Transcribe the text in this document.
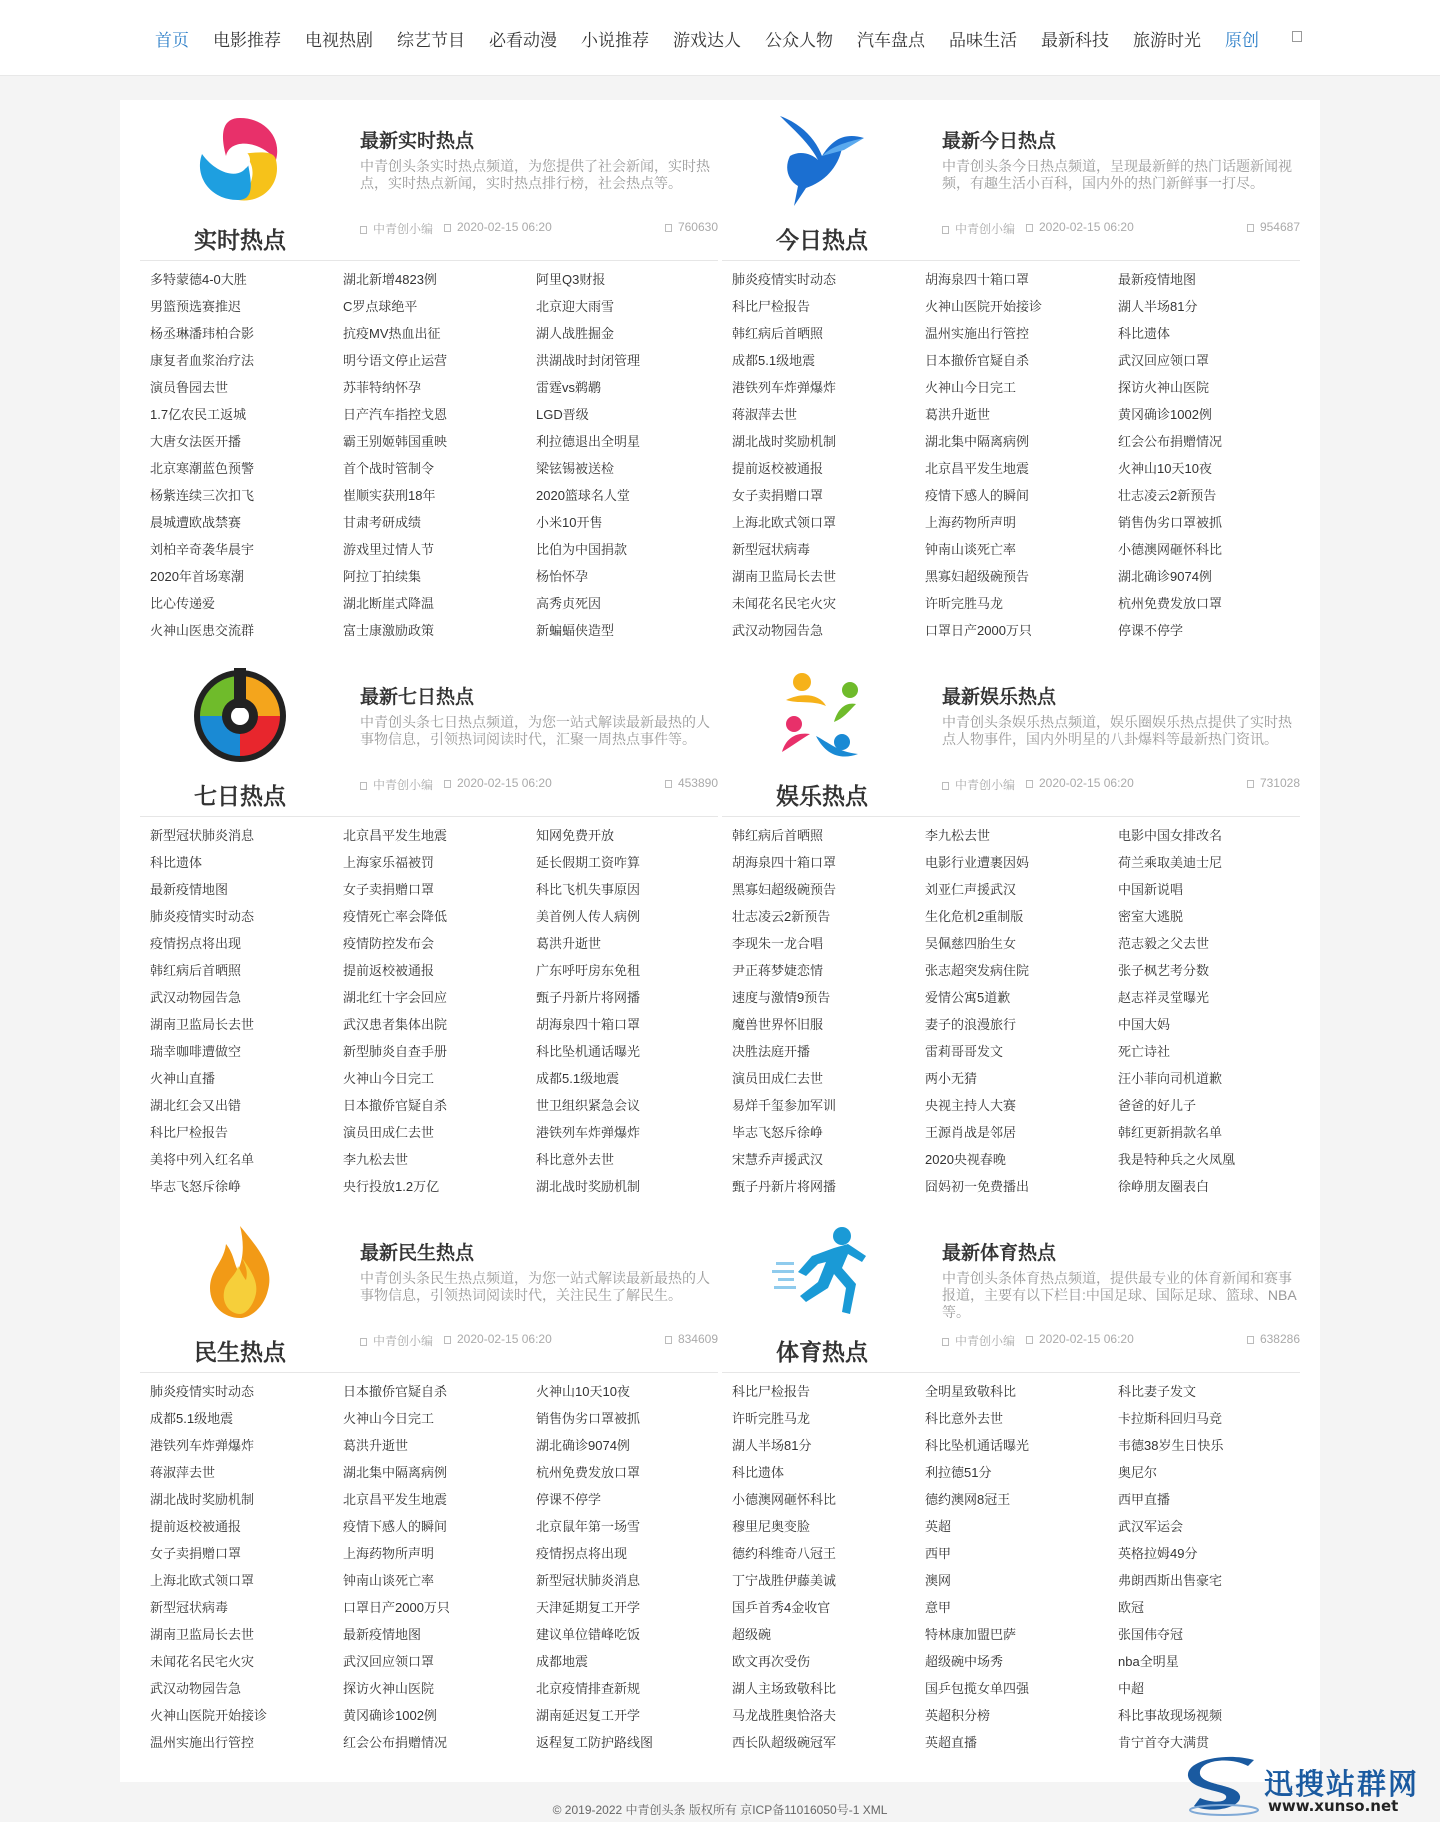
首页 电影推荐 电视热剧 综艺节目 必看动漫 小说推荐 游戏达人 公众人物 汽车盘点 品味生活 最新科技 旅游时光 原创
实时热点
最新实时热点
中青创头条实时热点频道，为您提供了社会新闻，实时热点，实时热点新闻，实时热点排行榜，社会热点等。
中青创小编	2020-02-15 06:20	760630
多特蒙德4-0大胜	湖北新增4823例	阿里Q3财报
男篮预选赛推迟	C罗点球绝平	北京迎大雨雪
杨丞琳潘玮柏合影	抗疫MV热血出征	湖人战胜掘金
康复者血浆治疗法	明兮语文停止运营	洪湖战时封闭管理
演员鲁园去世	苏菲特纳怀孕	雷霆vs鹈鹕
1.7亿农民工返城	日产汽车指控戈恩	LGD晋级
大唐女法医开播	霸王别姬韩国重映	利拉德退出全明星
北京寒潮蓝色预警	首个战时管制令	梁铉锡被送检
杨紫连续三次扣飞	崔顺实获刑18年	2020篮球名人堂
晨城遭欧战禁赛	甘肃考研成绩	小米10开售
刘柏辛奇袭华晨宇	游戏里过情人节	比伯为中国捐款
2020年首场寒潮	阿拉丁拍续集	杨怡怀孕
比心传递爱	湖北断崖式降温	高秀贞死因
火神山医患交流群	富士康激励政策	新蝙蝠侠造型
今日热点
最新今日热点
中青创头条今日热点频道，呈现最新鲜的热门话题新闻视频，有趣生活小百科，国内外的热门新鲜事一打尽。
中青创小编	2020-02-15 06:20	954687
肺炎疫情实时动态	胡海泉四十箱口罩	最新疫情地图
科比尸检报告	火神山医院开始接诊	湖人半场81分
韩红病后首晒照	温州实施出行管控	科比遗体
成都5.1级地震	日本撤侨官疑自杀	武汉回应领口罩
港铁列车炸弹爆炸	火神山今日完工	探访火神山医院
蒋淑萍去世	葛洪升逝世	黄冈确诊1002例
湖北战时奖励机制	湖北集中隔离病例	红会公布捐赠情况
提前返校被通报	北京昌平发生地震	火神山10天10夜
女子卖捐赠口罩	疫情下感人的瞬间	壮志凌云2新预告
上海北欧式领口罩	上海药物所声明	销售伪劣口罩被抓
新型冠状病毒	钟南山谈死亡率	小德澳网砸怀科比
湖南卫监局长去世	黑寡妇超级碗预告	湖北确诊9074例
未闻花名民宅火灾	许昕完胜马龙	杭州免费发放口罩
武汉动物园告急	口罩日产2000万只	停课不停学
七日热点
最新七日热点
中青创头条七日热点频道，为您一站式解读最新最热的人事物信息，引领热词阅读时代，汇聚一周热点事件等。
中青创小编	2020-02-15 06:20	453890
新型冠状肺炎消息	北京昌平发生地震	知网免费开放
科比遗体	上海家乐福被罚	延长假期工资咋算
最新疫情地图	女子卖捐赠口罩	科比飞机失事原因
肺炎疫情实时动态	疫情死亡率会降低	美首例人传人病例
疫情拐点将出现	疫情防控发布会	葛洪升逝世
韩红病后首晒照	提前返校被通报	广东呼吁房东免租
武汉动物园告急	湖北红十字会回应	甄子丹新片将网播
湖南卫监局长去世	武汉患者集体出院	胡海泉四十箱口罩
瑞幸咖啡遭做空	新型肺炎自查手册	科比坠机通话曝光
火神山直播	火神山今日完工	成都5.1级地震
湖北红会又出错	日本撤侨官疑自杀	世卫组织紧急会议
科比尸检报告	演员田成仁去世	港铁列车炸弹爆炸
美将中列入红名单	李九松去世	科比意外去世
毕志飞怒斥徐峥	央行投放1.2万亿	湖北战时奖励机制
娱乐热点
最新娱乐热点
中青创头条娱乐热点频道，娱乐圈娱乐热点提供了实时热点人物事件，国内外明星的八卦爆料等最新热门资讯。
中青创小编	2020-02-15 06:20	731028
韩红病后首晒照	李九松去世	电影中国女排改名
胡海泉四十箱口罩	电影行业遭裹因妈	荷兰乘取美迪士尼
黑寡妇超级碗预告	刘亚仁声援武汉	中国新说唱
壮志凌云2新预告	生化危机2重制版	密室大逃脱
李现朱一龙合唱	吴佩慈四胎生女	范志毅之父去世
尹正蒋梦婕恋情	张志超突发病住院	张子枫艺考分数
速度与激情9预告	爱情公寓5道歉	赵志祥灵堂曝光
魔兽世界怀旧服	妻子的浪漫旅行	中国大妈
决胜法庭开播	雷莉哥哥发文	死亡诗社
演员田成仁去世	两小无猜	汪小菲向司机道歉
易烊千玺参加军训	央视主持人大赛	爸爸的好儿子
毕志飞怒斥徐峥	王源肖战是邻居	韩红更新捐款名单
宋慧乔声援武汉	2020央视春晚	我是特种兵之火凤凰
甄子丹新片将网播	囧妈初一免费播出	徐峥朋友圈表白
民生热点
最新民生热点
中青创头条民生热点频道，为您一站式解读最新最热的人事物信息，引领热词阅读时代，关注民生了解民生。
中青创小编	2020-02-15 06:20	834609
肺炎疫情实时动态	日本撤侨官疑自杀	火神山10天10夜
成都5.1级地震	火神山今日完工	销售伪劣口罩被抓
港铁列车炸弹爆炸	葛洪升逝世	湖北确诊9074例
蒋淑萍去世	湖北集中隔离病例	杭州免费发放口罩
湖北战时奖励机制	北京昌平发生地震	停课不停学
提前返校被通报	疫情下感人的瞬间	北京鼠年第一场雪
女子卖捐赠口罩	上海药物所声明	疫情拐点将出现
上海北欧式领口罩	钟南山谈死亡率	新型冠状肺炎消息
新型冠状病毒	口罩日产2000万只	天津延期复工开学
湖南卫监局长去世	最新疫情地图	建议单位错峰吃饭
未闻花名民宅火灾	武汉回应领口罩	成都地震
武汉动物园告急	探访火神山医院	北京疫情排查新规
火神山医院开始接诊	黄冈确诊1002例	湖南延迟复工开学
温州实施出行管控	红会公布捐赠情况	返程复工防护路线图
体育热点
最新体育热点
中青创头条体育热点频道，提供最专业的体育新闻和赛事报道，主要有以下栏目:中国足球、国际足球、篮球、NBA等。
中青创小编	2020-02-15 06:20	638286
科比尸检报告	全明星致敬科比	科比妻子发文
许昕完胜马龙	科比意外去世	卡拉斯科回归马竞
湖人半场81分	科比坠机通话曝光	韦德38岁生日快乐
科比遗体	利拉德51分	奥尼尔
小德澳网砸怀科比	德约澳网8冠王	西甲直播
穆里尼奥变脸	英超	武汉军运会
德约科维奇八冠王	西甲	英格拉姆49分
丁宁战胜伊藤美诚	澳网	弗朗西斯出售豪宅
国乒首秀4金收官	意甲	欧冠
超级碗	特林康加盟巴萨	张国伟夺冠
欧文再次受伤	超级碗中场秀	nba全明星
湖人主场致敬科比	国乒包揽女单四强	中超
马龙战胜奥恰洛夫	英超积分榜	科比事故现场视频
西长队超级碗冠军	英超直播	肯宁首夺大满贯
© 2019-2022 中青创头条 版权所有 京ICP备11016050号-1 XML
迅搜站群网
www.xunso.net
